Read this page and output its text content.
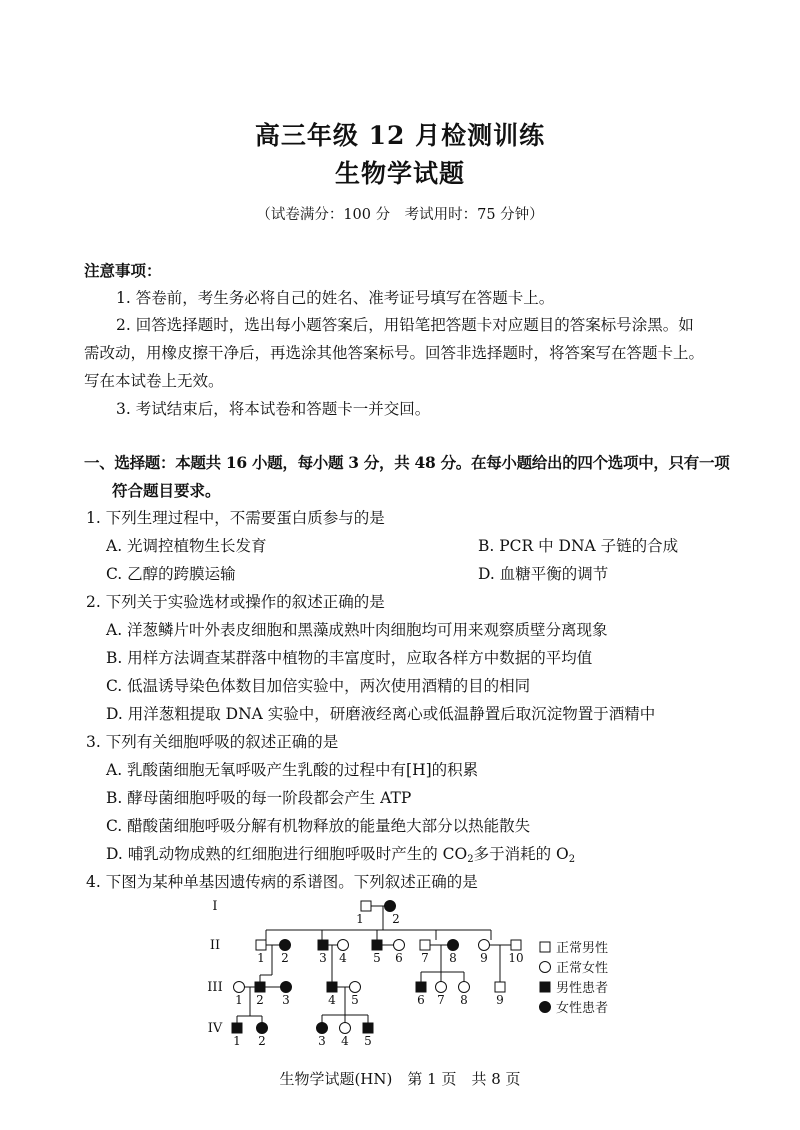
高三年级 12 月检测训练
生物学试题
（试卷满分：100 分　考试用时：75 分钟）
注意事项：
1. 答卷前，考生务必将自己的姓名、准考证号填写在答题卡上。
2. 回答选择题时，选出每小题答案后，用铅笔把答题卡对应题目的答案标号涂黑。如
需改动，用橡皮擦干净后，再选涂其他答案标号。回答非选择题时，将答案写在答题卡上。
写在本试卷上无效。
3. 考试结束后，将本试卷和答题卡一并交回。
一、选择题：本题共 16 小题，每小题 3 分，共 48 分。在每小题给出的四个选项中，只有一项
符合题目要求。
1. 下列生理过程中，不需要蛋白质参与的是
A. 光调控植物生长发育	B. PCR 中 DNA 子链的合成
C. 乙醇的跨膜运输	D. 血糖平衡的调节
2. 下列关于实验选材或操作的叙述正确的是
A. 洋葱鳞片叶外表皮细胞和黑藻成熟叶肉细胞均可用来观察质壁分离现象
B. 用样方法调查某群落中植物的丰富度时，应取各样方中数据的平均值
C. 低温诱导染色体数目加倍实验中，两次使用酒精的目的相同
D. 用洋葱粗提取 DNA 实验中，研磨液经离心或低温静置后取沉淀物置于酒精中
3. 下列有关细胞呼吸的叙述正确的是
A. 乳酸菌细胞无氧呼吸产生乳酸的过程中有[H]的积累
B. 酵母菌细胞呼吸的每一阶段都会产生 ATP
C. 醋酸菌细胞呼吸分解有机物释放的能量绝大部分以热能散失
D. 哺乳动物成熟的红细胞进行细胞呼吸时产生的 $CO_2$多于消耗的 $O_2$
4. 下图为某种单基因遗传病的系谱图。下列叙述正确的是
1 2
1 2	3 4 5 6 7 8 9 10
1 2 3	4 5	6 7 8 9
1 2	3 4 5
I
II
III
IV
正常男性
正常女性
男性患者
女性患者
生物学试题(HN)　第 1 页　共 8 页
